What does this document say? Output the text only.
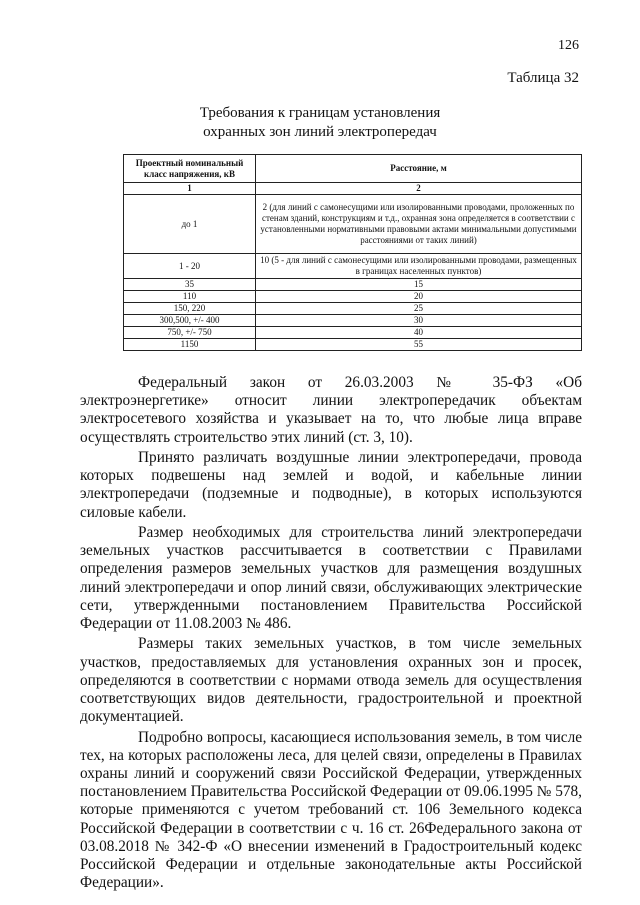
126
Таблица 32
Требования к границам установления
охранных зон линий электропередач
Проектный номинальный класс напряжения, кВ	Расстояние, м
1	2
до 1	2 (для линий с самонесущими или изолированными проводами, проложенных по стенам зданий, конструкциям и т.д., охранная зона определяется в соответствии с установленными нормативными правовыми актами минимальными допустимыми расстояниями от таких линий)
1 - 20	10 (5 - для линий с самонесущими или изолированными проводами, размещенных в границах населенных пунктов)
35	15
110	20
150, 220	25
300,500, +/- 400	30
750, +/- 750	40
1150	55

Федеральный закон от 26.03.2003 № 35-ФЗ «Об электроэнергетике» относит линии электропередачик объектам электросетевого хозяйства и указывает на то, что любые лица вправе осуществлять строительство этих линий (ст. 3, 10).

Принято различать воздушные линии электропередачи, провода которых подвешены над землей и водой, и кабельные линии электропередачи (подземные и подводные), в которых используются силовые кабели.

Размер необходимых для строительства линий электропередачи земельных участков рассчитывается в соответствии с Правилами определения размеров земельных участков для размещения воздушных линий электропередачи и опор линий связи, обслуживающих электрические сети, утвержденными постановлением Правительства Российской Федерации от 11.08.2003 № 486.

Размеры таких земельных участков, в том числе земельных участков, предоставляемых для установления охранных зон и просек, определяются в соответствии с нормами отвода земель для осуществления соответствующих видов деятельности, градостроительной и проектной документацией.

Подробно вопросы, касающиеся использования земель, в том числе тех, на которых расположены леса, для целей связи, определены в Правилах охраны линий и сооружений связи Российской Федерации, утвержденных постановлением Правительства Российской Федерации от 09.06.1995 № 578, которые применяются с учетом требований ст. 106 Земельного кодекса Российской Федерации в соответствии с ч. 16 ст. 26Федерального закона от 03.08.2018 № 342-Ф «О внесении изменений в Градостроительный кодекс Российской Федерации и отдельные законодательные акты Российской Федерации».
